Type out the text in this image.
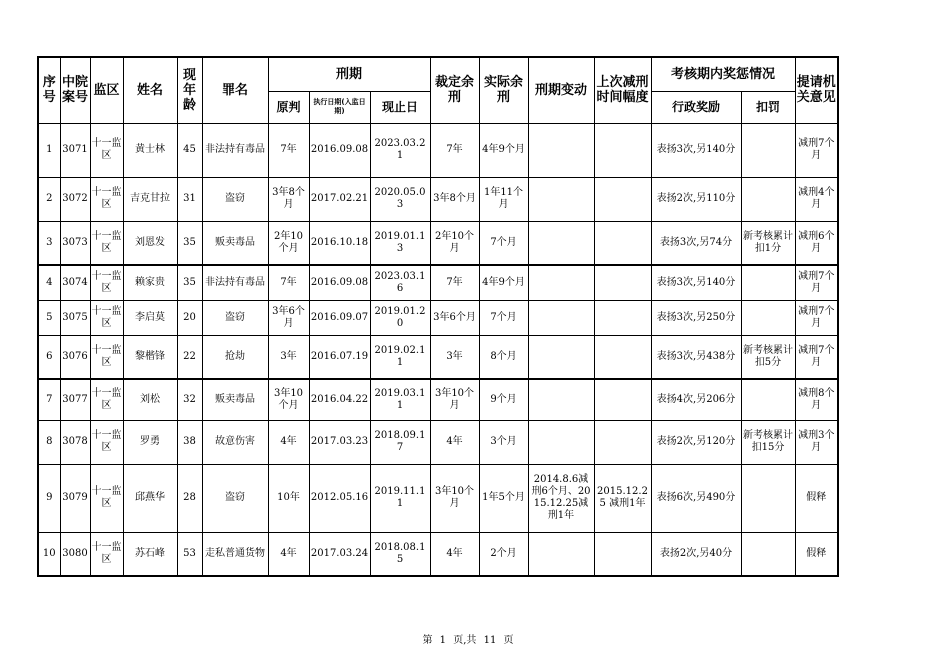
序号	中院案号	监区	姓名	现年龄	罪名	刑期			裁定余刑	实际余刑	刑期变动	上次减刑时间幅度	考核期内奖惩情况		提请机关意见
						原判	执行日期(入监日期)	现止日					行政奖励	扣罚	
1	3071	十一监区	黄士林	45	非法持有毒品	7年	2016.09.08	2023.03.21	7年	4年9个月			表扬3次,另140分		减刑7个月
2	3072	十一监区	吉克甘拉	31	盗窃	3年8个月	2017.02.21	2020.05.03	3年8个月	1年11个月			表扬2次,另110分		减刑4个月
3	3073	十一监区	刘恩发	35	贩卖毒品	2年10个月	2016.10.18	2019.01.13	2年10个月	7个月			表扬3次,另74分	新考核累计扣1分	减刑6个月
4	3074	十一监区	赖家贵	35	非法持有毒品	7年	2016.09.08	2023.03.16	7年	4年9个月			表扬3次,另140分		减刑7个月
5	3075	十一监区	李启莫	20	盗窃	3年6个月	2016.09.07	2019.01.20	3年6个月	7个月			表扬3次,另250分		减刑7个月
6	3076	十一监区	黎楷锋	22	抢劫	3年	2016.07.19	2019.02.11	3年	8个月			表扬3次,另438分	新考核累计扣5分	减刑7个月
7	3077	十一监区	刘松	32	贩卖毒品	3年10个月	2016.04.22	2019.03.11	3年10个月	9个月			表扬4次,另206分		减刑8个月
8	3078	十一监区	罗勇	38	故意伤害	4年	2017.03.23	2018.09.17	4年	3个月			表扬2次,另120分	新考核累计扣15分	减刑3个月
9	3079	十一监区	邱燕华	28	盗窃	10年	2012.05.16	2019.11.11	3年10个月	1年5个月	2014.8.6减刑6个月、2015.12.25减刑1年	2015.12.25 减刑1年	表扬6次,另490分		假释
10	3080	十一监区	苏石峰	53	走私普通货物	4年	2017.03.24	2018.08.15	4年	2个月			表扬2次,另40分		假释
第 1 页,共 11 页
